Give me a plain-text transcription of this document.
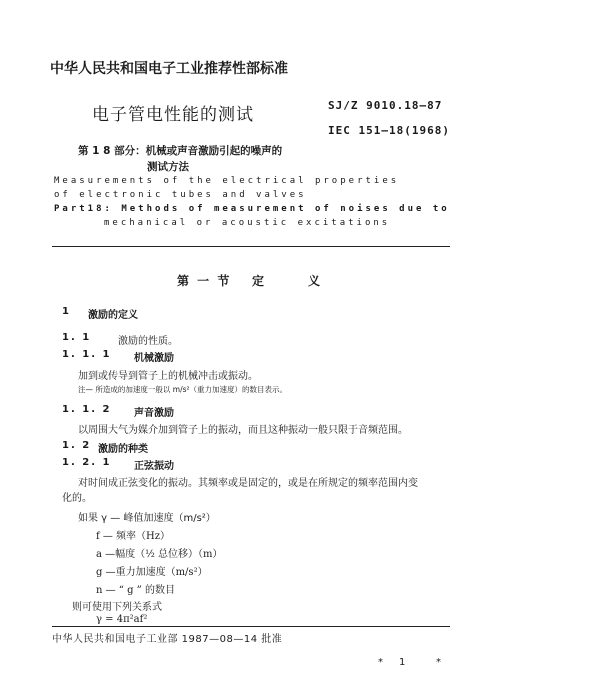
中华人民共和国电子工业推荐性部标准
电子管电性能的测试	SJ/Z 9010.18—87
IEC 151—18(1968)
第 1 8 部分：机械或声音激励引起的噪声的
测试方法
Measurements of the electrical properties
of electronic tubes and valves
Part18: Methods of measurement of noises due to
mechanical or acoustic excitations
第 一 节 定	义
1 激励的定义
1. 1	激励的性质。
1. 1. 1 机械激励
加到或传导到管子上的机械冲击或振动。
注— 所造成的加速度一般以 m/s²（重力加速度）的数目表示。
1. 1. 2 声音激励
以周围大气为媒介加到管子上的振动，而且这种振动一般只限于音频范围。
1. 2 激励的种类
1. 2. 1 正弦振动
对时间成正弦变化的振动。其频率或是固定的，或是在所规定的频率范围内变
化的。
如果 γ — 峰值加速度（m/s²）
f — 频率（Hz）
a —幅度（½ 总位移）（m）
g —重力加速度（m/s²）
n — “ g ” 的数目
则可使用下列关系式
γ = 4π²af²
中华人民共和国电子工业部 1987—08—14 批准
* 1	*
